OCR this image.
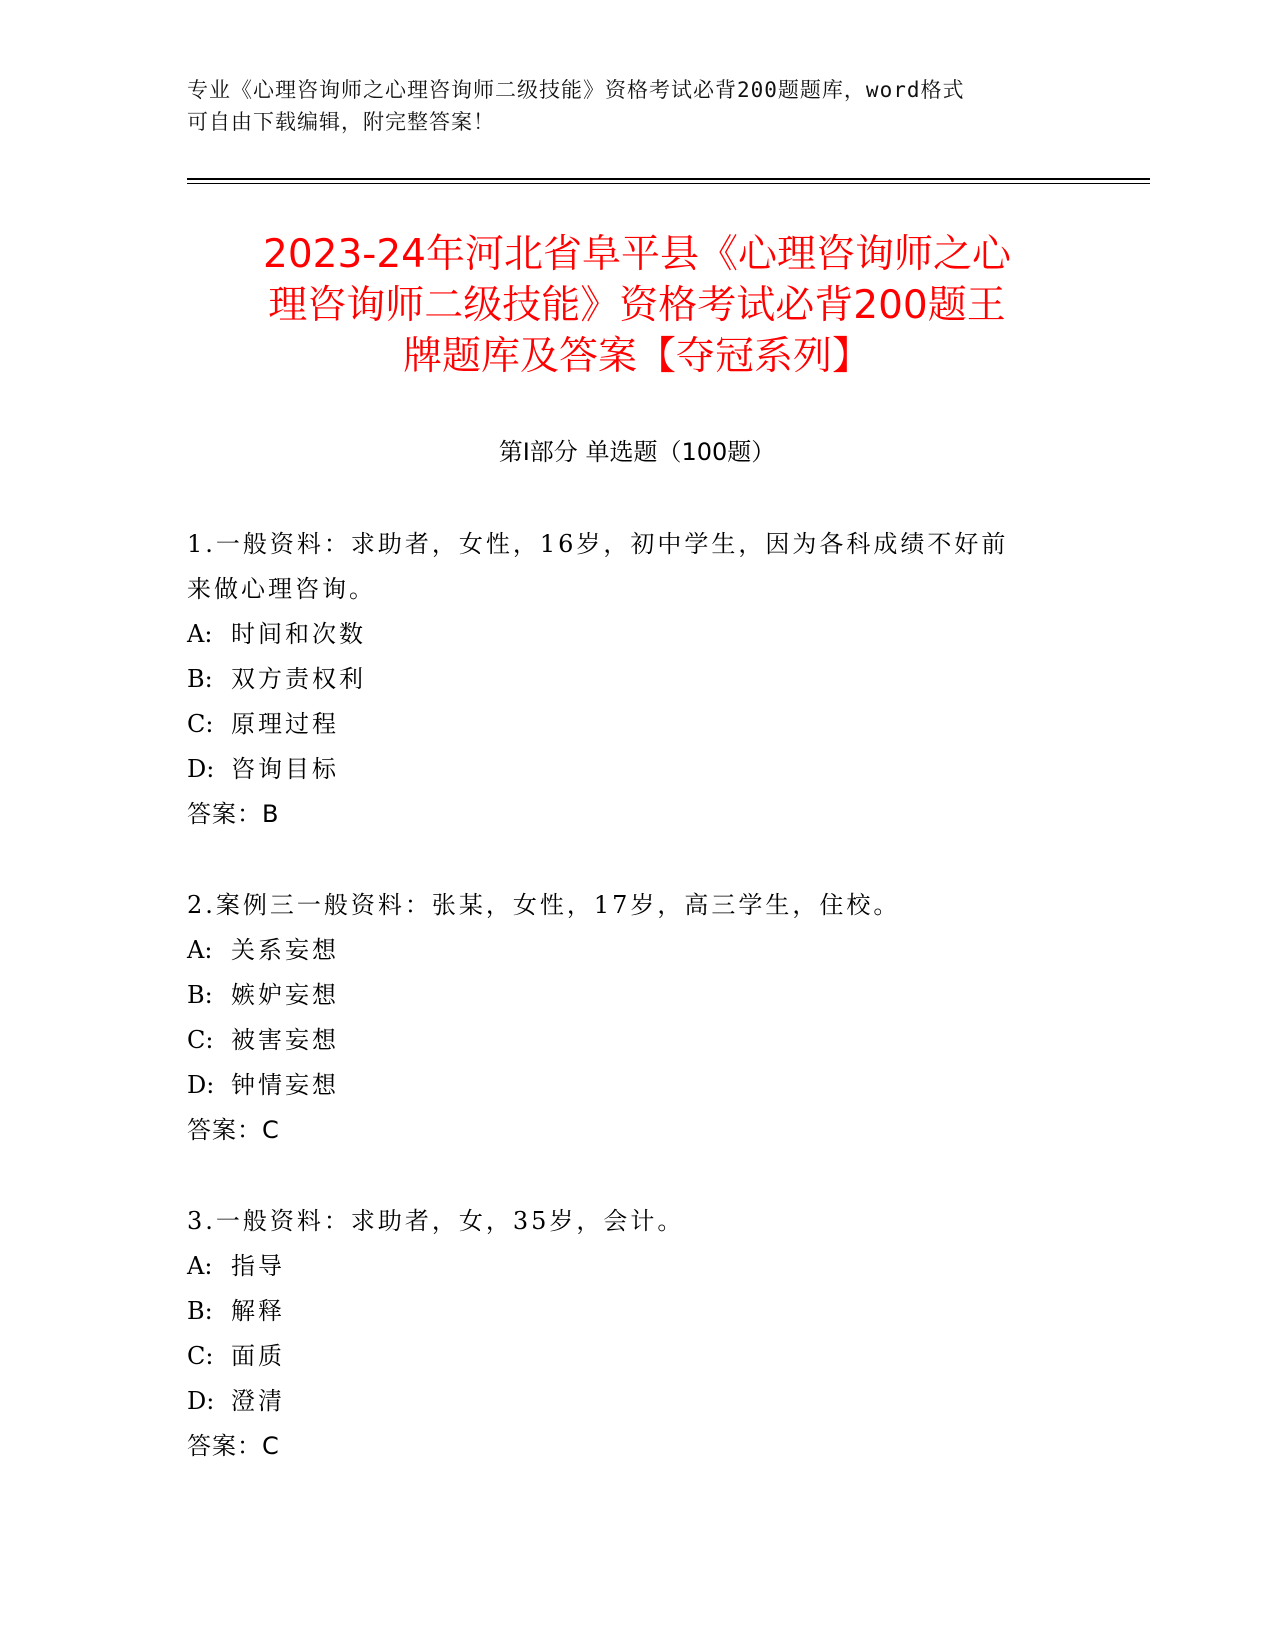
专业《心理咨询师之心理咨询师二级技能》资格考试必背200题题库，word格式
可自由下载编辑，附完整答案！
2023-24年河北省阜平县《心理咨询师之心
理咨询师二级技能》资格考试必背200题王
牌题库及答案【夺冠系列】
第Ⅰ部分 单选题（100题）
1.一般资料：求助者，女性，16岁，初中学生，因为各科成绩不好前
来做心理咨询。
A: 时间和次数
B: 双方责权利
C: 原理过程
D: 咨询目标
答案：B
2.案例三一般资料：张某，女性，17岁，高三学生，住校。
A: 关系妄想
B: 嫉妒妄想
C: 被害妄想
D: 钟情妄想
答案：C
3.一般资料：求助者，女，35岁，会计。
A: 指导
B: 解释
C: 面质
D: 澄清
答案：C
